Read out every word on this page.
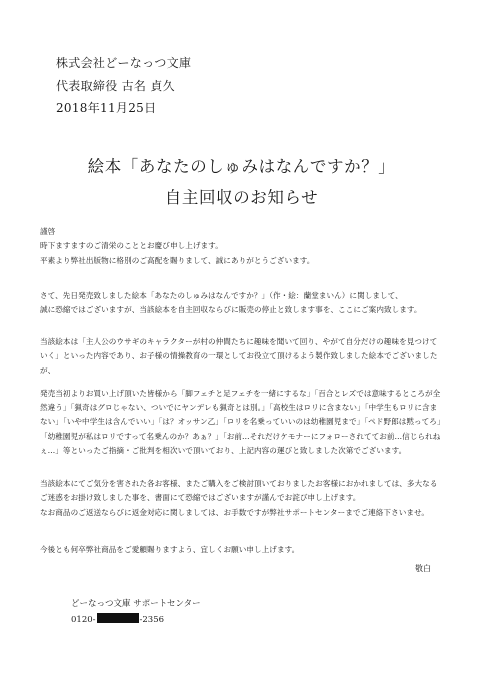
株式会社どーなっつ文庫
代表取締役 古名 貞久
2018年11月25日
絵本「あなたのしゅみはなんですか？」
自主回収のお知らせ

謹啓

時下ますますのご清栄のこととお慶び申し上げます。

平素より弊社出版物に格別のご高配を賜りまして、誠にありがとうございます。

さて、先日発売致しました絵本「あなたのしゅみはなんですか？」（作・絵：蘭堂まいん）に関しまして、

誠に恐縮ではございますが、当該絵本を自主回収ならびに販売の停止と致します事を、ここにご案内致します。

当該絵本は「主人公のウサギのキャラクターが村の仲間たちに趣味を聞いて回り、やがて自分だけの趣味を見つけていく」といった内容であり、お子様の情操教育の一環としてお役立て頂けるよう製作致しました絵本でございましたが、

発売当初よりお買い上げ頂いた皆様から「脚フェチと足フェチを一緒にするな」「百合とレズでは意味するところが全然違う」「猟奇はグロじゃない、ついでにヤンデレも猟奇とは別。」「高校生はロリに含まない」「中学生もロリに含まない」「いや中学生は含んでいい」「は？オッサン乙」「ロリを名乗っていいのは幼稚園児まで」「ペド野郎は黙ってろ」「幼稚園児が私はロリですって名乗んのか？あぁ？」「お前…それだけケモナーにフォローされててお前…信じられねぇ…」等といったご指摘・ご批判を相次いで頂いており、上記内容の運びと致しました次第でございます。

当該絵本にてご気分を害された各お客様、またご購入をご検討頂いておりましたお客様におかれましては、多大なるご迷惑をお掛け致しました事を、書面にて恐縮ではございますが謹んでお詫び申し上げます。

なお商品のご返送ならびに返金対応に関しましては、お手数ですが弊社サポートセンターまでご連絡下さいませ。

今後とも何卒弊社商品をご愛顧賜りますよう、宜しくお願い申し上げます。

敬白
どーなっつ文庫 サポートセンター
0120-	-2356
